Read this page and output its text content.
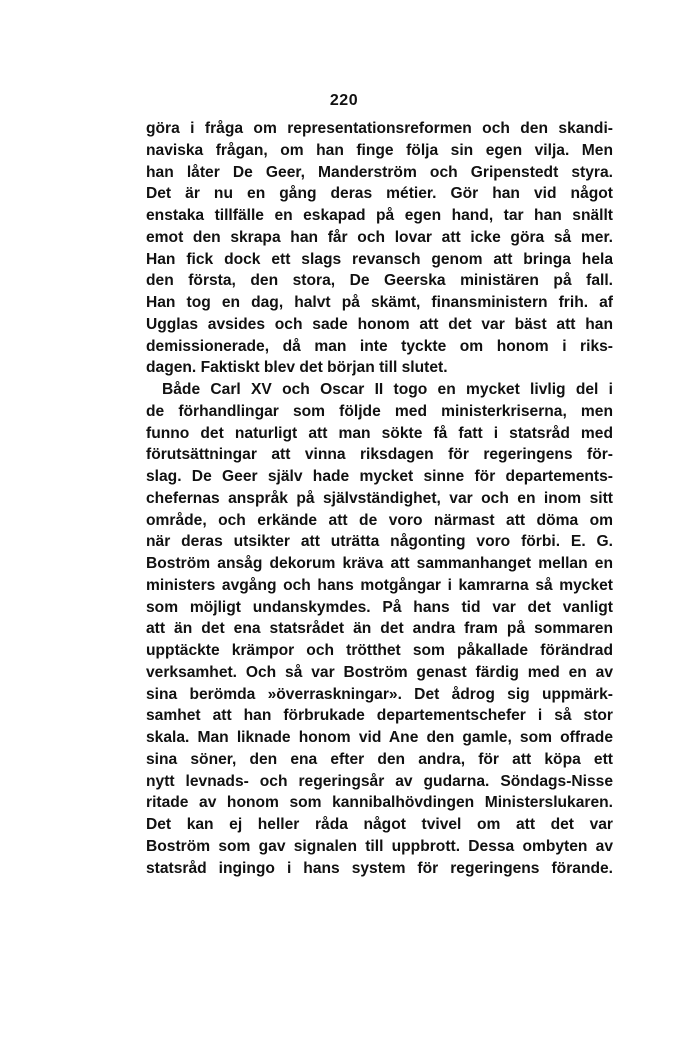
220
göra i fråga om representationsreformen och den skandi-
naviska frågan, om han finge följa sin egen vilja. Men
han låter De Geer, Manderström och Gripenstedt styra.
Det är nu en gång deras métier. Gör han vid något
enstaka tillfälle en eskapad på egen hand, tar han snällt
emot den skrapa han får och lovar att icke göra så mer.
Han fick dock ett slags revansch genom att bringa hela
den första, den stora, De Geerska ministären på fall.
Han tog en dag, halvt på skämt, finansministern frih. af
Ugglas avsides och sade honom att det var bäst att han
demissionerade, då man inte tyckte om honom i riks-
dagen. Faktiskt blev det början till slutet.
Både Carl XV och Oscar II togo en mycket livlig del i
de förhandlingar som följde med ministerkriserna, men
funno det naturligt att man sökte få fatt i statsråd med
förutsättningar att vinna riksdagen för regeringens för-
slag. De Geer själv hade mycket sinne för departements-
chefernas anspråk på självständighet, var och en inom sitt
område, och erkände att de voro närmast att döma om
när deras utsikter att uträtta någonting voro förbi. E. G.
Boström ansåg dekorum kräva att sammanhanget mellan en
ministers avgång och hans motgångar i kamrarna så mycket
som möjligt undanskymdes. På hans tid var det vanligt
att än det ena statsrådet än det andra fram på sommaren
upptäckte krämpor och trötthet som påkallade förändrad
verksamhet. Och så var Boström genast färdig med en av
sina berömda »överraskningar». Det ådrog sig uppmärk-
samhet att han förbrukade departementschefer i så stor
skala. Man liknade honom vid Ane den gamle, som offrade
sina söner, den ena efter den andra, för att köpa ett
nytt levnads- och regeringsår av gudarna. Söndags-Nisse
ritade av honom som kannibalhövdingen Ministerslukaren.
Det kan ej heller råda något tvivel om att det var
Boström som gav signalen till uppbrott. Dessa ombyten av
statsråd ingingo i hans system för regeringens förande.
